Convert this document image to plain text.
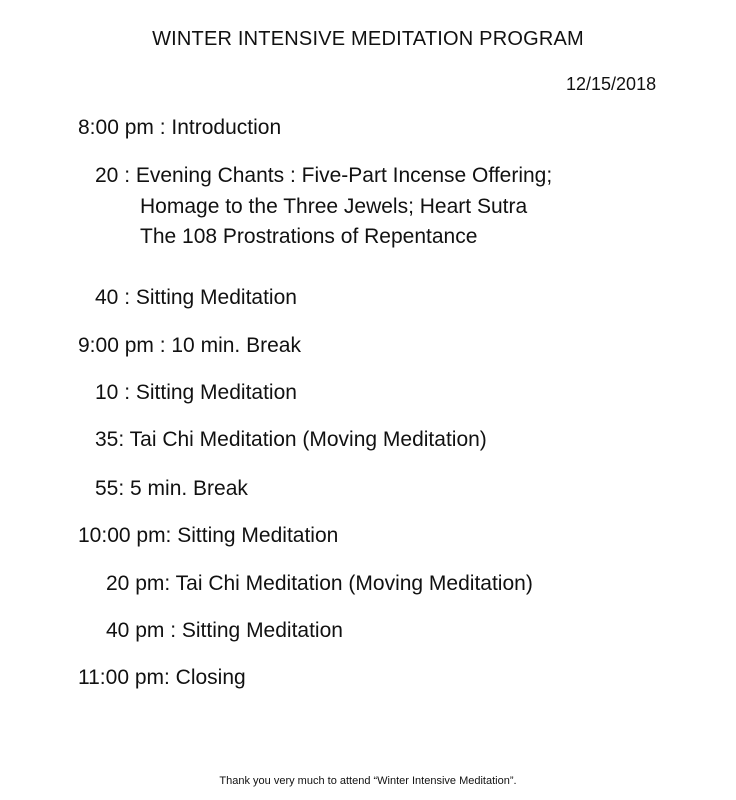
WINTER INTENSIVE MEDITATION PROGRAM
12/15/2018
8:00 pm : Introduction
20 : Evening Chants : Five-Part Incense Offering;
Homage to the Three Jewels; Heart Sutra
The 108 Prostrations of Repentance
40 : Sitting Meditation
9:00 pm : 10 min. Break
10 : Sitting Meditation
35: Tai Chi Meditation (Moving Meditation)
55: 5 min. Break
10:00 pm: Sitting Meditation
20 pm: Tai Chi Meditation (Moving Meditation)
40 pm : Sitting Meditation
11:00 pm: Closing
Thank you very much to attend “Winter Intensive Meditation”.
